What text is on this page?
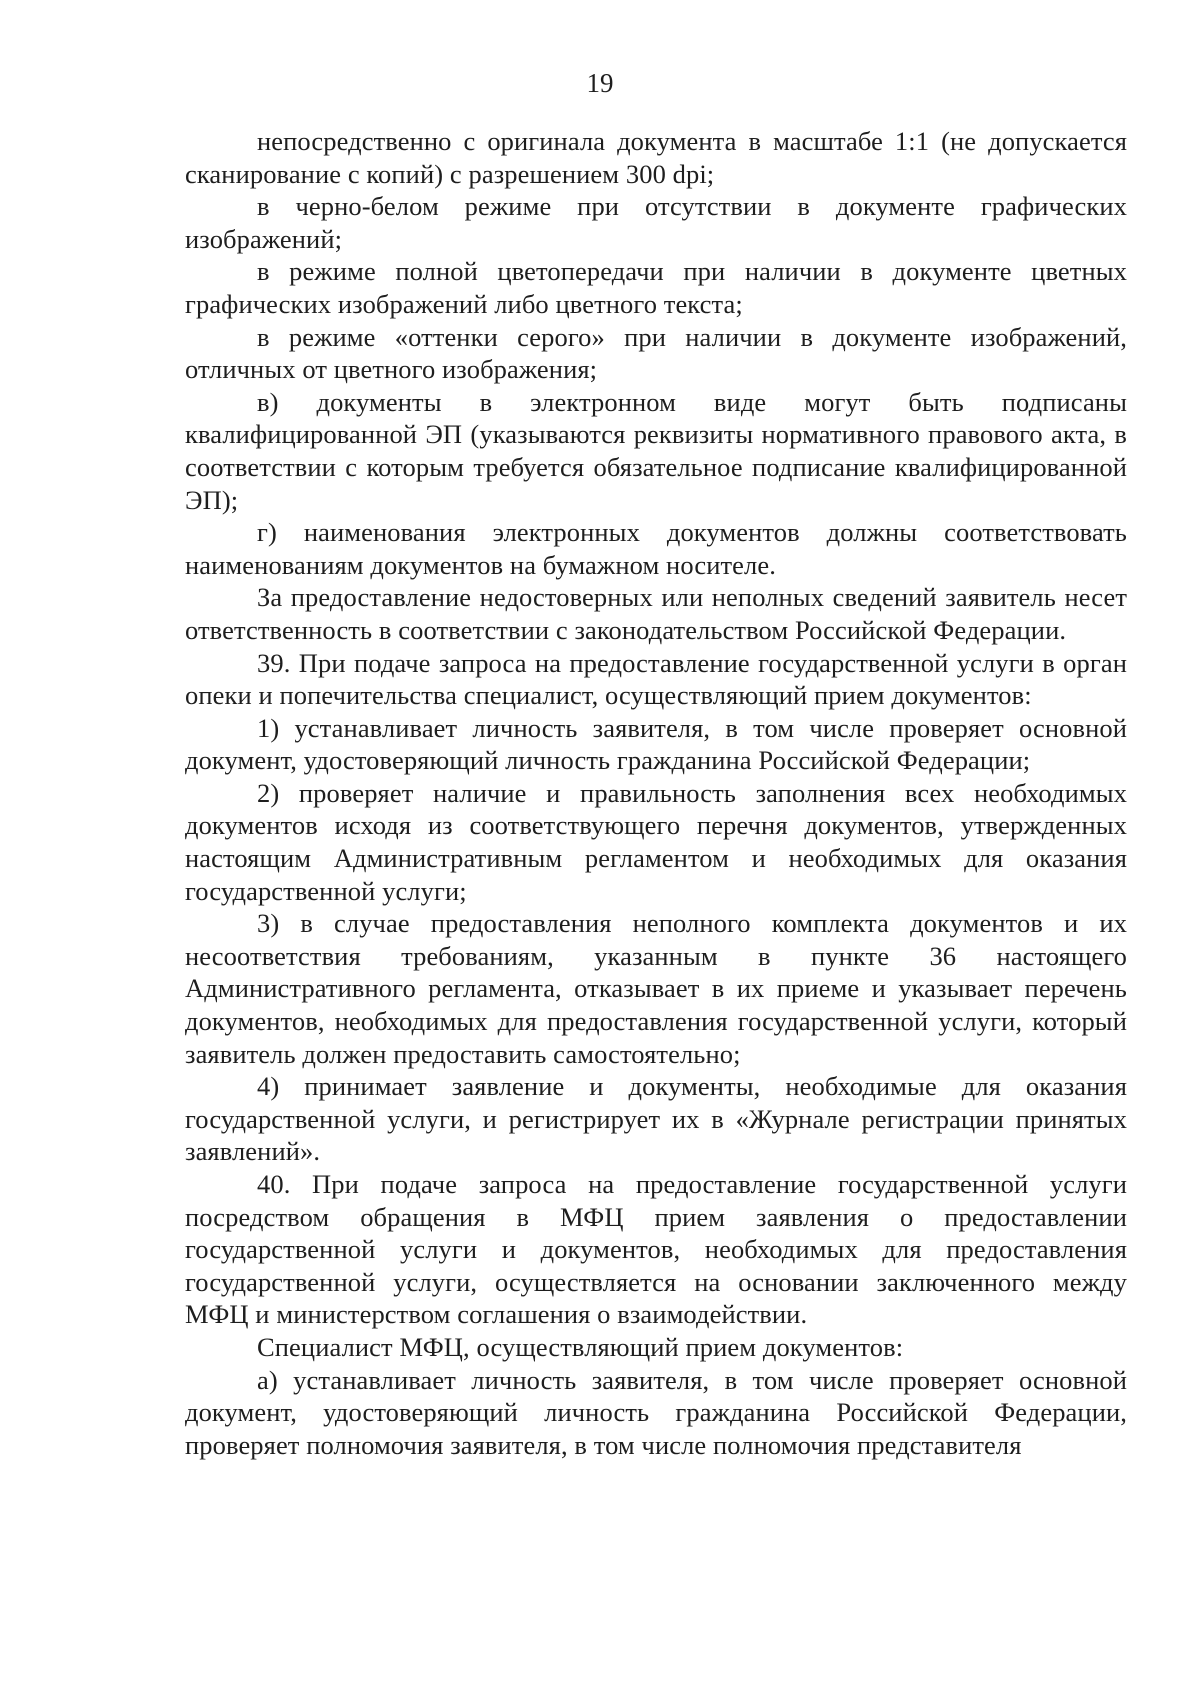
19

непосредственно с оригинала документа в масштабе 1:1 (не допускается сканирование с копий) с разрешением 300 dpi;

в черно-белом режиме при отсутствии в документе графических изображений;

в режиме полной цветопередачи при наличии в документе цветных графических изображений либо цветного текста;

в режиме «оттенки серого» при наличии в документе изображений, отличных от цветного изображения;

в) документы в электронном виде могут быть подписаны квалифицированной ЭП (указываются реквизиты нормативного правового акта, в соответствии с которым требуется обязательное подписание квалифицированной ЭП);

г) наименования электронных документов должны соответствовать наименованиям документов на бумажном носителе.

За предоставление недостоверных или неполных сведений заявитель несет ответственность в соответствии с законодательством Российской Федерации.

39. При подаче запроса на предоставление государственной услуги в орган опеки и попечительства специалист, осуществляющий прием документов:

1) устанавливает личность заявителя, в том числе проверяет основной документ, удостоверяющий личность гражданина Российской Федерации;

2) проверяет наличие и правильность заполнения всех необходимых документов исходя из соответствующего перечня документов, утвержденных настоящим Административным регламентом и необходимых для оказания государственной услуги;

3) в случае предоставления неполного комплекта документов и их несоответствия требованиям, указанным в пункте 36 настоящего Административного регламента, отказывает в их приеме и указывает перечень документов, необходимых для предоставления государственной услуги, который заявитель должен предоставить самостоятельно;

4) принимает заявление и документы, необходимые для оказания государственной услуги, и регистрирует их в «Журнале регистрации принятых заявлений».

40. При подаче запроса на предоставление государственной услуги посредством обращения в МФЦ прием заявления о предоставлении государственной услуги и документов, необходимых для предоставления государственной услуги, осуществляется на основании заключенного между МФЦ и министерством соглашения о взаимодействии.

Специалист МФЦ, осуществляющий прием документов:

а) устанавливает личность заявителя, в том числе проверяет основной документ, удостоверяющий личность гражданина Российской Федерации, проверяет полномочия заявителя, в том числе полномочия представителя
